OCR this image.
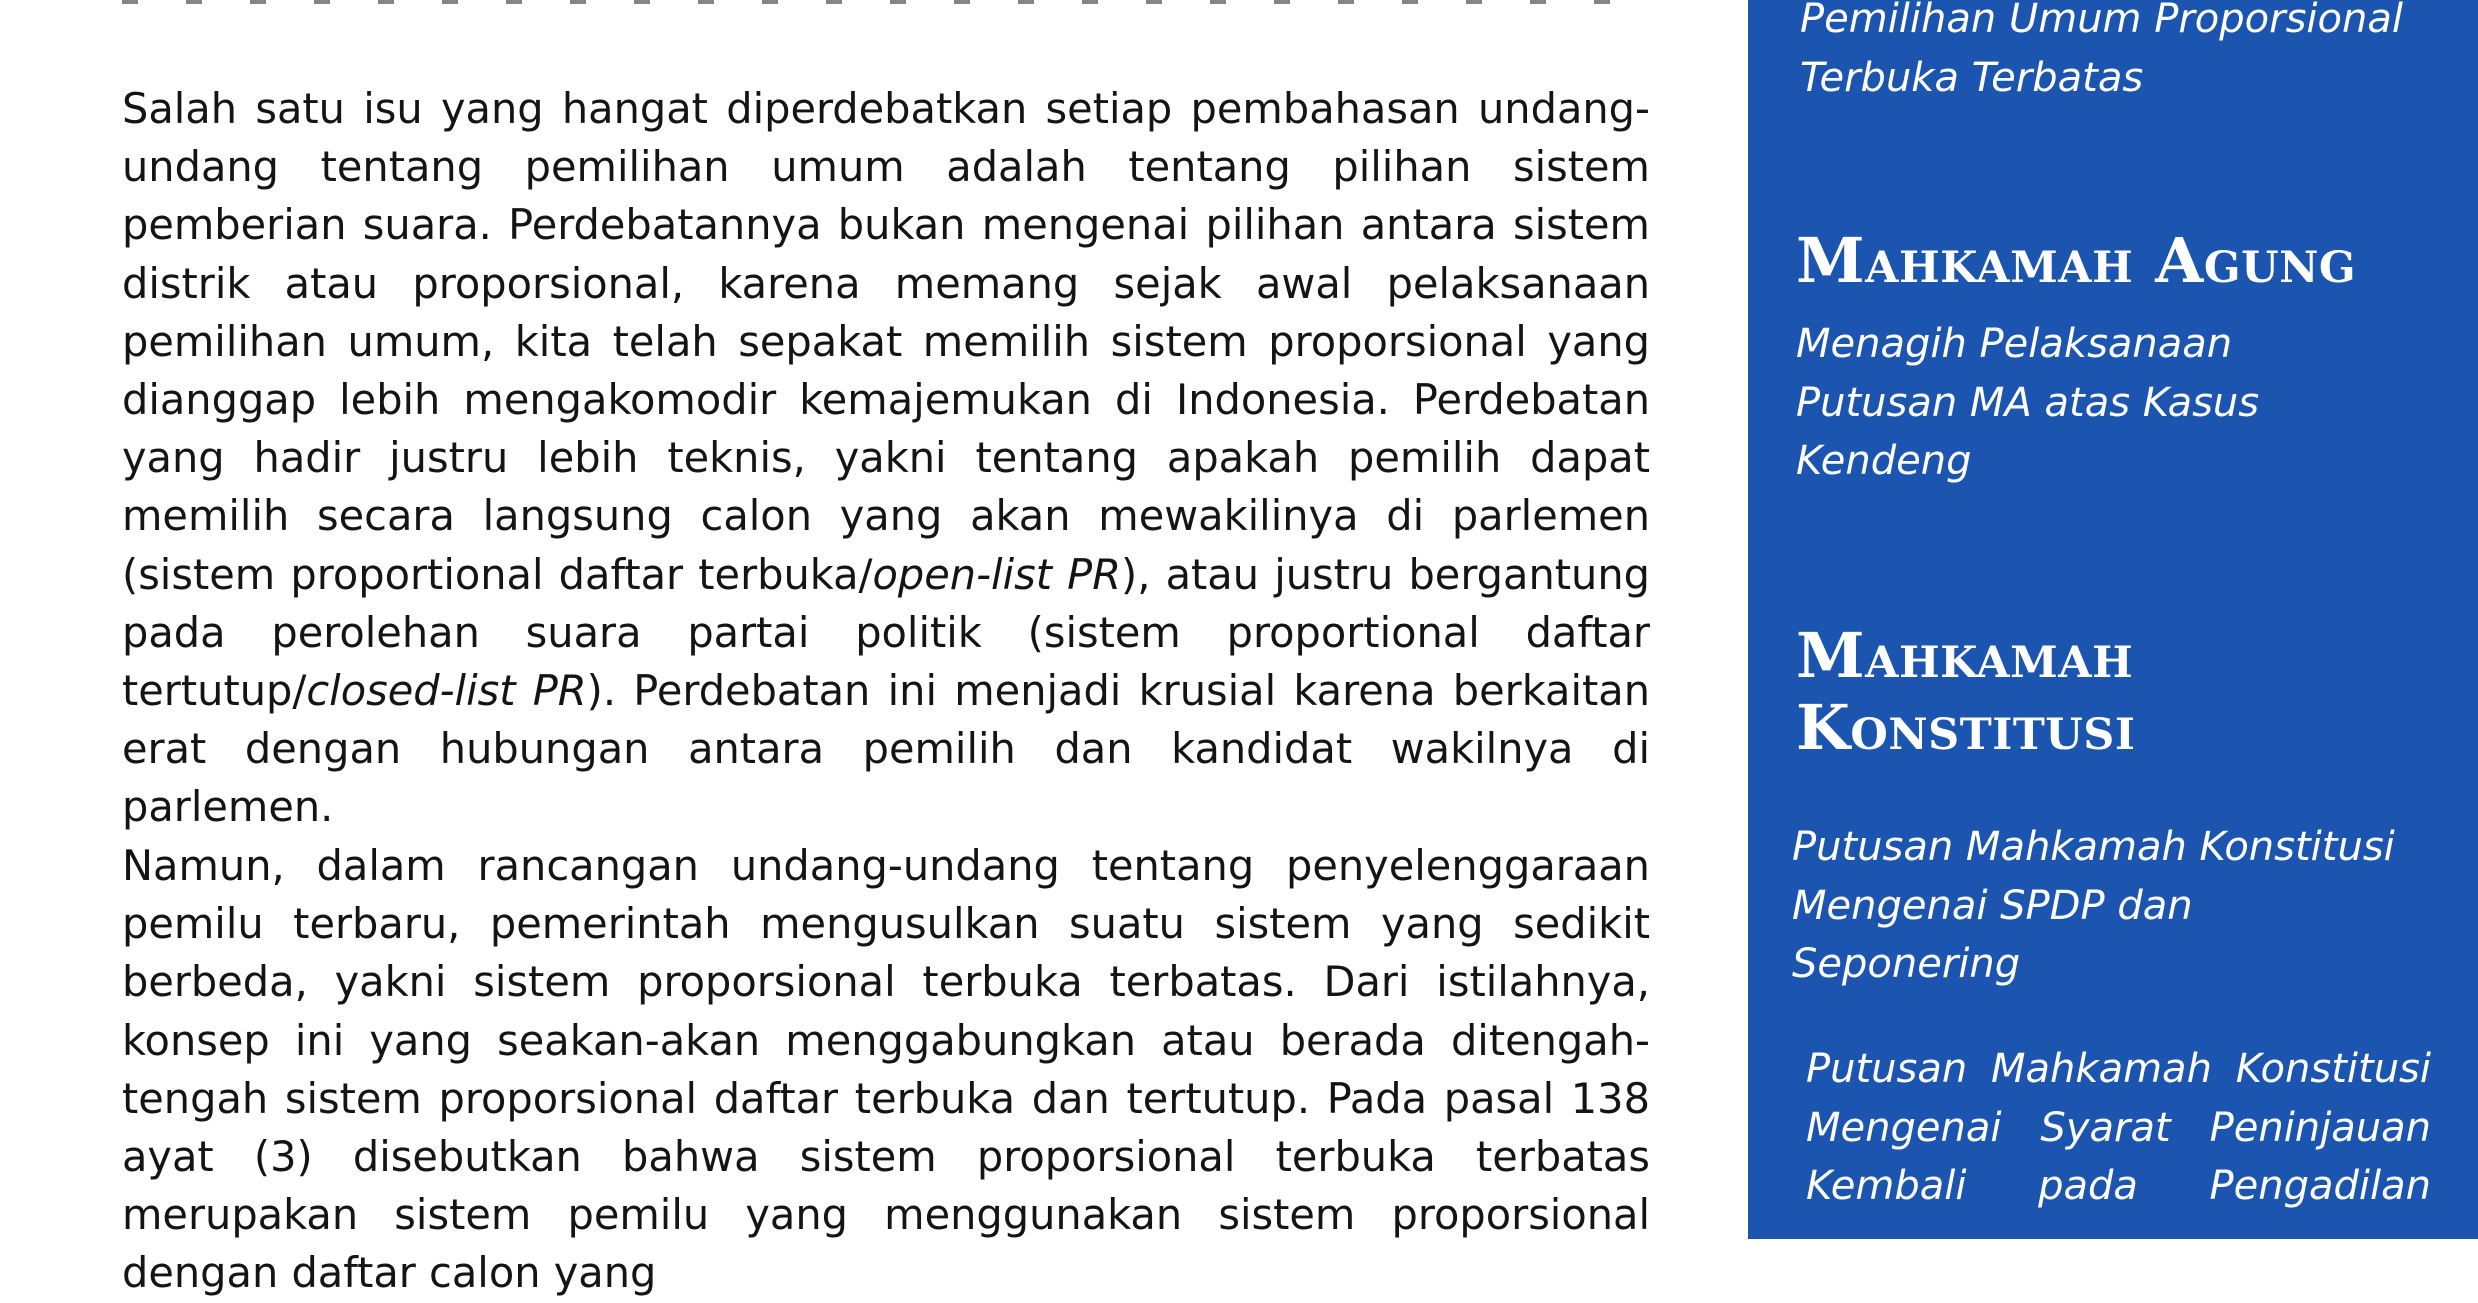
Salah satu isu yang hangat diperdebatkan setiap pembahasan undang-undang tentang pemilihan umum adalah tentang pilihan sistem pemberian suara. Perdebatannya bukan mengenai pilihan antara sistem distrik atau proporsional, karena memang sejak awal pelaksanaan pemilihan umum, kita telah sepakat memilih sistem proporsional yang dianggap lebih mengakomodir kemajemukan di Indonesia. Perdebatan yang hadir justru lebih teknis, yakni tentang apakah pemilih dapat memilih secara langsung calon yang akan mewakilinya di parlemen (sistem proportional daftar terbuka/open-list PR), atau justru bergantung pada perolehan suara partai politik (sistem proportional daftar tertutup/closed-list PR). Perdebatan ini menjadi krusial karena berkaitan erat dengan hubungan antara pemilih dan kandidat wakilnya di parlemen.

Namun, dalam rancangan undang-undang tentang penyelenggaraan pemilu terbaru, pemerintah mengusulkan suatu sistem yang sedikit berbeda, yakni sistem proporsional terbuka terbatas. Dari istilahnya, konsep ini yang seakan-akan menggabungkan atau berada ditengah-tengah sistem proporsional daftar terbuka dan tertutup. Pada pasal 138 ayat (3) disebutkan bahwa sistem proporsional terbuka terbatas merupakan sistem pemilu yang menggunakan sistem proporsional dengan daftar calon yang

Pemilihan Umum Proporsional Terbuka Terbatas

Mahkamah Agung

Menagih Pelaksanaan Putusan MA atas Kasus Kendeng

Mahkamah Konstitusi

Putusan Mahkamah Konstitusi Mengenai SPDP dan Seponering

Putusan Mahkamah Konstitusi Mengenai Syarat Peninjauan Kembali pada Pengadilan
